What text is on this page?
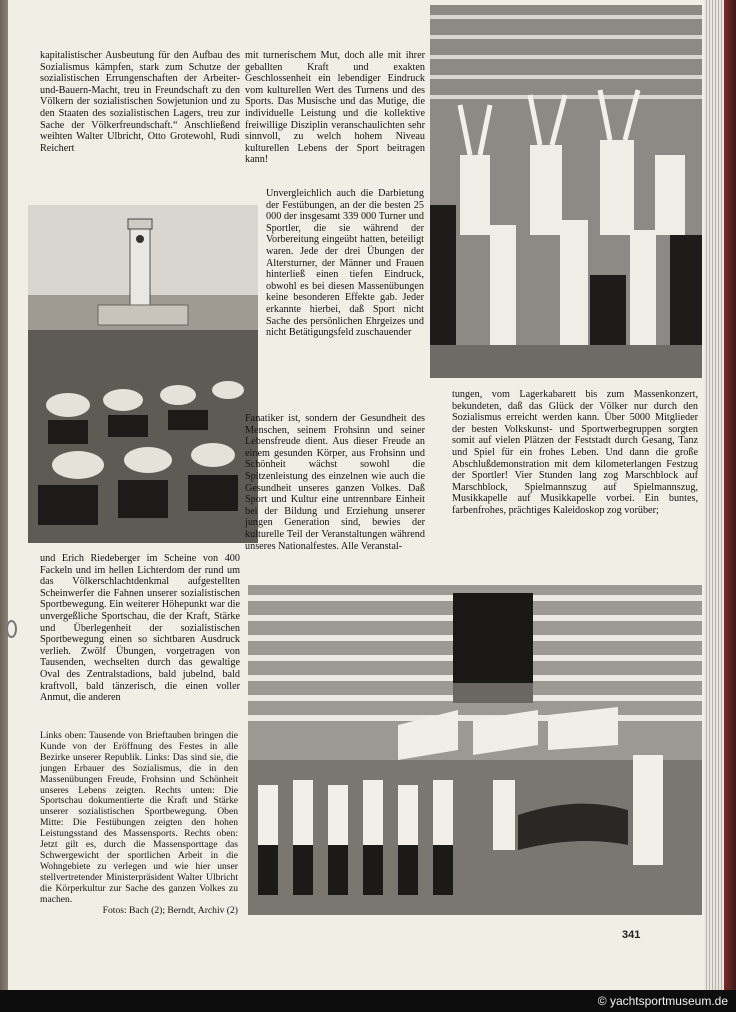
kapitalistischer Ausbeutung für den Aufbau des Sozialismus kämpfen, stark zum Schutze der sozialistischen Errungenschaften der Arbeiter-und-Bauern-Macht, treu in Freundschaft zu den Völkern der sozialistischen Sowjetunion und zu den Staaten des sozialistischen Lagers, treu zur Sache der Völkerfreundschaft.“ Anschließend weihten Walter Ulbricht, Otto Grotewohl, Rudi Reichert

und Erich Riedeberger im Scheine von 400 Fackeln und im hellen Lichterdom der rund um das Völkerschlachtdenkmal aufgestellten Scheinwerfer die Fahnen unserer sozialistischen Sportbewegung. Ein weiterer Höhepunkt war die unvergeßliche Sportschau, die der Kraft, Stärke und Überlegenheit der sozialistischen Sportbewegung einen so sichtbaren Ausdruck verlieh. Zwölf Übungen, vorgetragen von Tausenden, wechselten durch das gewaltige Oval des Zentralstadions, bald jubelnd, bald kraftvoll, bald tänzerisch, die einen voller Anmut, die anderen

Links oben: Tausende von Brieftauben bringen die Kunde von der Eröffnung des Festes in alle Bezirke unserer Republik. Links: Das sind sie, die jungen Erbauer des Sozialismus, die in den Massenübungen Freude, Frohsinn und Schönheit unseres Lebens zeigten. Rechts unten: Die Sportschau dokumentierte die Kraft und Stärke unserer sozialistischen Sportbewegung. Oben Mitte: Die Festübungen zeigten den hohen Leistungsstand des Massensports. Rechts oben: Jetzt gilt es, durch die Massensporttage das Schwergewicht der sportlichen Arbeit in die Wohngebiete zu verlegen und wie hier unser stellvertretender Ministerpräsident Walter Ulbricht die Körperkultur zur Sache des ganzen Volkes zu machen.

Fotos: Bach (2); Berndt, Archiv (2)

mit turnerischem Mut, doch alle mit ihrer geballten Kraft und exakten Geschlossenheit ein lebendiger Eindruck vom kulturellen Wert des Turnens und des Sports. Das Musische und das Mutige, die individuelle Leistung und die kollektive freiwillige Disziplin veranschaulichten sehr sinnvoll, zu welch hohem Niveau kulturellen Lebens der Sport beitragen kann!

Unvergleichlich auch die Darbietung der Festübungen, an der die besten 25 000 der insgesamt 339 000 Turner und Sportler, die sie während der Vorbereitung eingeübt hatten, beteiligt waren. Jede der drei Übungen der Altersturner, der Männer und Frauen hinterließ einen tiefen Eindruck, obwohl es bei diesen Massenübungen keine besonderen Effekte gab. Jeder erkannte hierbei, daß Sport nicht Sache des persönlichen Ehrgeizes und nicht Betätigungsfeld zuschauender

Fanatiker ist, sondern der Gesundheit des Menschen, seinem Frohsinn und seiner Lebensfreude dient. Aus dieser Freude an einem gesunden Körper, aus Frohsinn und Schönheit wächst sowohl die Spitzenleistung des einzelnen wie auch die Gesundheit unseres ganzen Volkes. Daß Sport und Kultur eine untrennbare Einheit bei der Bildung und Erziehung unserer jungen Generation sind, bewies der kulturelle Teil der Veranstaltungen während unseres Nationalfestes. Alle Veranstal-

tungen, vom Lagerkabarett bis zum Massenkonzert, bekundeten, daß das Glück der Völker nur durch den Sozialismus erreicht werden kann. Über 5000 Mitglieder der besten Volkskunst- und Sportwerbegruppen sorgten somit auf vielen Plätzen der Feststadt durch Gesang, Tanz und Spiel für ein frohes Leben. Und dann die große Abschlußdemonstration mit dem kilometerlangen Festzug der Sportler! Vier Stunden lang zog Marschblock auf Marschblock, Spielmannszug auf Spielmannszug, Musikkapelle auf Musikkapelle vorbei. Ein buntes, farbenfrohes, prächtiges Kaleidoskop zog vorüber;

341
© yachtsportmuseum.de
